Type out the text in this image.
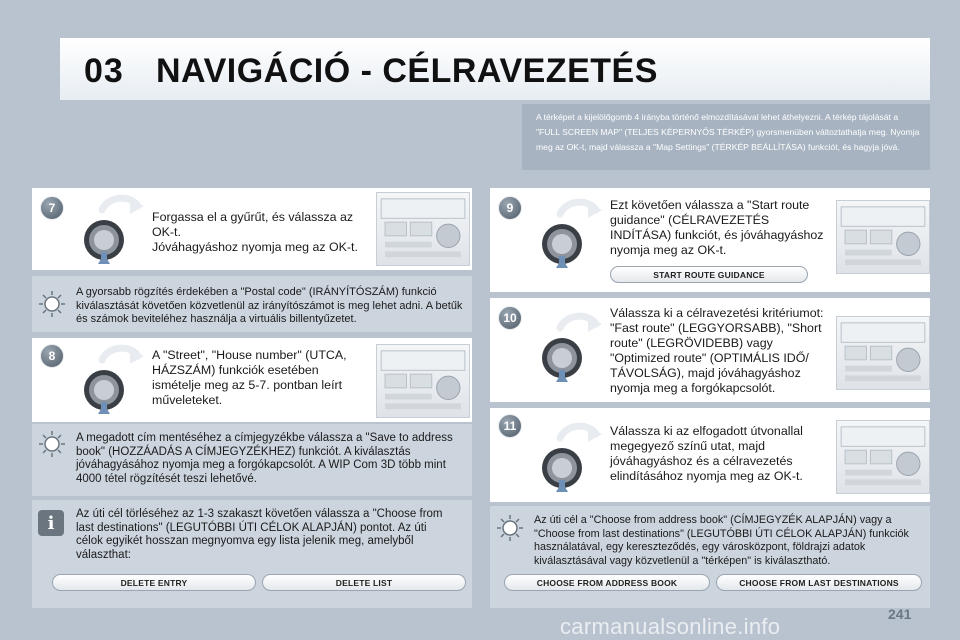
03 NAVIGÁCIÓ - CÉLRAVEZETÉS
A térképet a kijelölőgomb 4 irányba történő elmozdításával lehet áthelyezni. A térkép tájolását a "FULL SCREEN MAP" (TELJES KÉPERNYŐS TÉRKÉP) gyorsmenüben változtathatja meg. Nyomja meg az OK-t, majd válassza a "Map Settings" (TÉRKÉP BEÁLLÍTÁSA) funkciót, és hagyja jóvá.
7
Forgassa el a gyűrűt, és válassza az OK-t.
Jóváhagyáshoz nyomja meg az OK-t.
A gyorsabb rögzítés érdekében a "Postal code" (IRÁNYÍTÓSZÁM) funkció kiválasztását követően közvetlenül az irányítószámot is meg lehet adni. A betűk és számok beviteléhez használja a virtuális billentyűzetet.
8	A "Street", "House number" (UTCA, HÁZSZÁM) funkciók esetében ismételje meg az 5-7. pontban leírt műveleteket.
A megadott cím mentéséhez a címjegyzékbe válassza a "Save to address book" (HOZZÁADÁS A CÍMJEGYZÉKHEZ) funkciót. A kiválasztás jóváhagyásához nyomja meg a forgókapcsolót. A WIP Com 3D több mint 4000 tétel rögzítését teszi lehetővé.
i	Az úti cél törléséhez az 1-3 szakaszt követően válassza a "Choose from last destinations" (LEGUTÓBBI ÚTI CÉLOK ALAPJÁN) pontot. Az úti célok egyikét hosszan megnyomva egy lista jelenik meg, amelyből választhat:
DELETE ENTRY	DELETE LIST
9	Ezt követően válassza a "Start route guidance" (CÉLRAVEZETÉS INDÍTÁSA) funkciót, és jóváhagyáshoz nyomja meg az OK-t.
START ROUTE GUIDANCE
10	Válassza ki a célravezetési kritériumot: "Fast route" (LEGGYORSABB), "Short route" (LEGRÖVIDEBB) vagy "Optimized route" (OPTIMÁLIS IDŐ/ TÁVOLSÁG), majd jóváhagyáshoz nyomja meg a forgókapcsolót.
11	Válassza ki az elfogadott útvonallal megegyező színű utat, majd jóváhagyáshoz és a célravezetés elindításához nyomja meg az OK-t.
Az úti cél a "Choose from address book" (CÍMJEGYZÉK ALAPJÁN) vagy a "Choose from last destinations" (LEGUTÓBBI ÚTI CÉLOK ALAPJÁN) funkciók használatával, egy kereszteződés, egy városközpont, földrajzi adatok kiválasztásával vagy közvetlenül a "térképen" is kiválasztható.
CHOOSE FROM ADDRESS BOOK	CHOOSE FROM LAST DESTINATIONS
241
carmanualsonline.info
